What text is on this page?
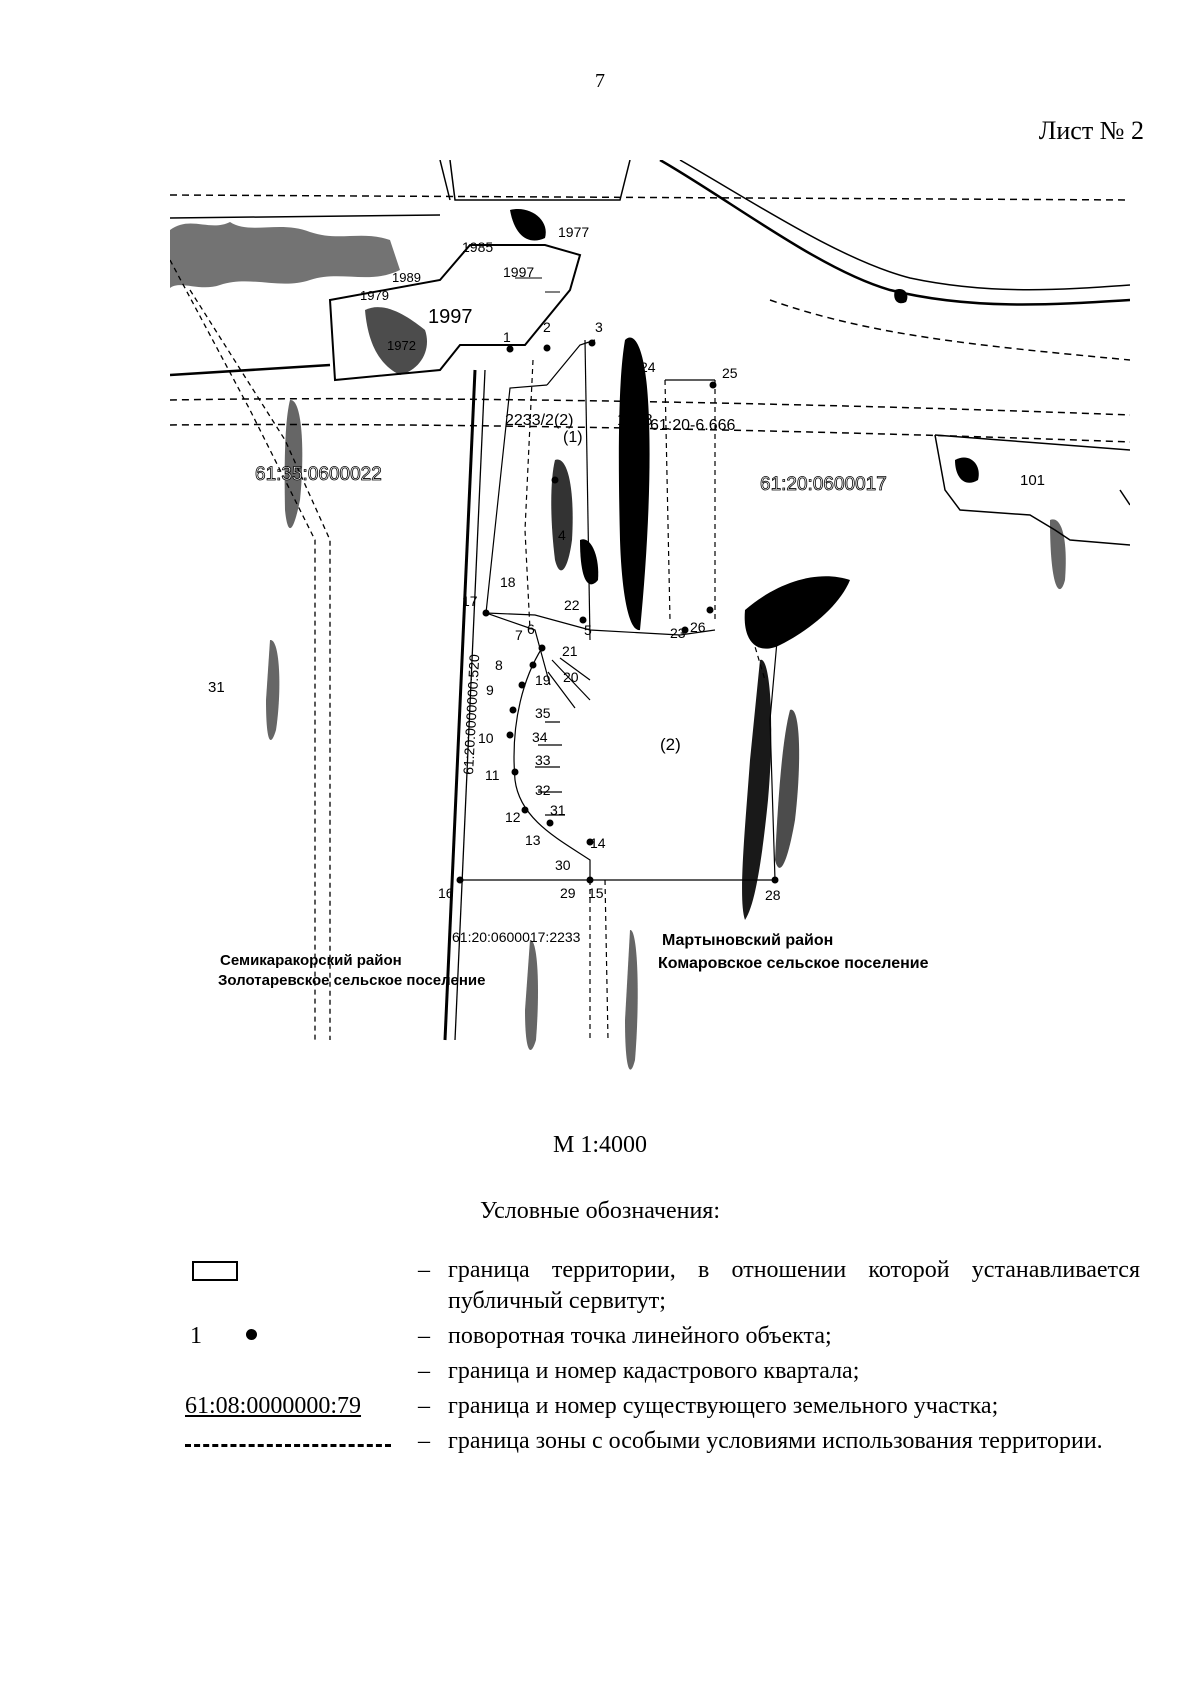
7
Лист № 2
1
2	3
4
5
6
7
8
9
10
11
12
13	14
15
16
17
18
19 20
21
22
23
24	25
26
28
29
30
31
32
33
34
35
1977
1985
1997
1989
1979
1997
1972
2233/2(2)
(1)
1978
61:20-6.666
(2)
31
101
61:35:0600022	61:20:0600017
61:20:0000000:520
61:20:0600017:2233
Семикаракорский район
Золотаревское сельское поселение
Мартыновский район
Комаровское сельское поселение
М 1:4000
Условные обозначения:
– граница территории, в отношении которой устанавливается публичный сервитут;
1	– поворотная точка линейного объекта;
– граница и номер кадастрового квартала;
61:08:0000000:79	– граница и номер существующего земельного участка;
– граница зоны с особыми условиями использования территории.
